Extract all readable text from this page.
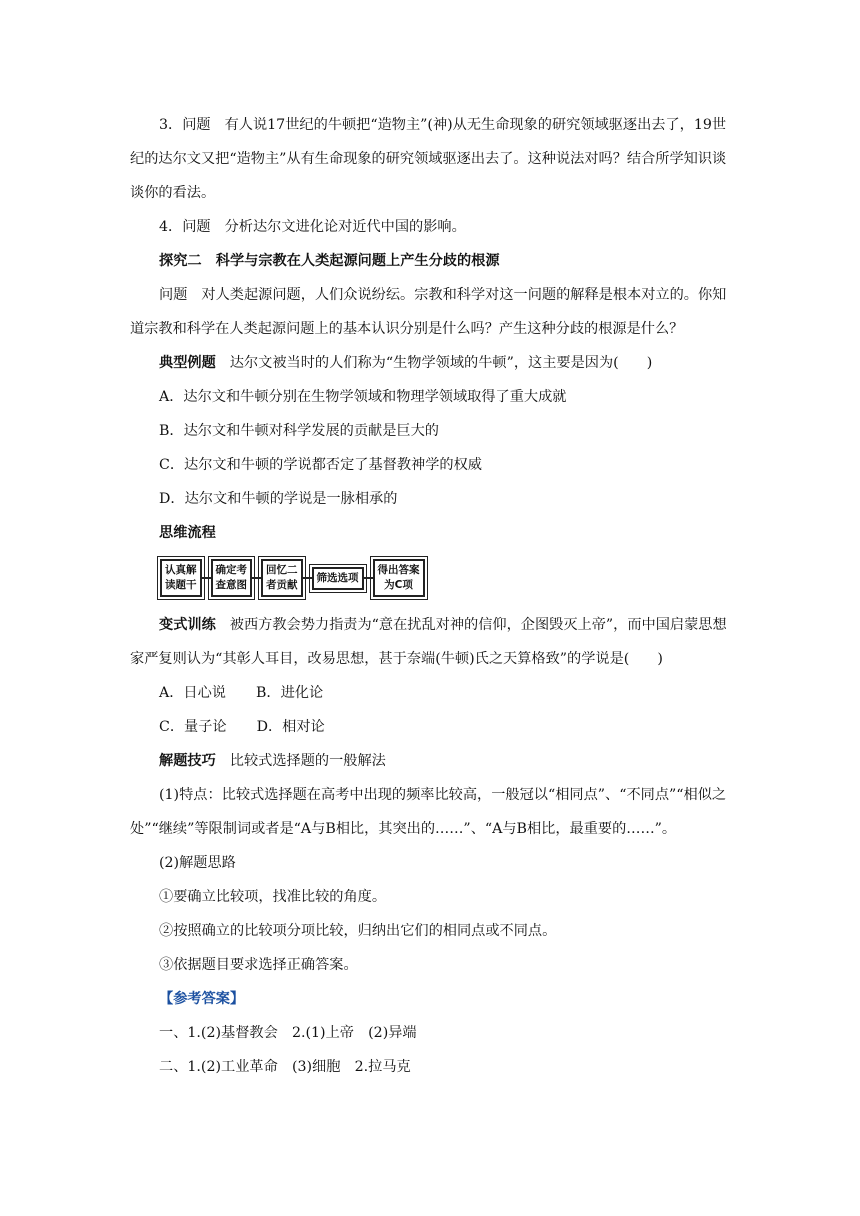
3．问题 有人说17世纪的牛顿把“造物主”(神)从无生命现象的研究领域驱逐出去了，19世纪的达尔文又把“造物主”从有生命现象的研究领域驱逐出去了。这种说法对吗？结合所学知识谈谈你的看法。

4．问题 分析达尔文进化论对近代中国的影响。

探究二　科学与宗教在人类起源问题上产生分歧的根源

问题 对人类起源问题，人们众说纷纭。宗教和科学对这一问题的解释是根本对立的。你知道宗教和科学在人类起源问题上的基本认识分别是什么吗？产生这种分歧的根源是什么？

典型例题 达尔文被当时的人们称为“生物学领域的牛顿”，这主要是因为( )

A．达尔文和牛顿分别在生物学领域和物理学领域取得了重大成就

B．达尔文和牛顿对科学发展的贡献是巨大的

C．达尔文和牛顿的学说都否定了基督教神学的权威

D．达尔文和牛顿的学说是一脉相承的

思维流程

认真解
读题干
确定考
查意图
回忆二
者贡献
筛选选项
得出答案
为C项

变式训练 被西方教会势力指责为“意在扰乱对神的信仰，企图毁灭上帝”，而中国启蒙思想家严复则认为“其彰人耳目，改易思想，甚于奈端(牛顿)氏之天算格致”的学说是( )

A．日心说 B．进化论

C．量子论 D．相对论

解题技巧 比较式选择题的一般解法

(1)特点：比较式选择题在高考中出现的频率比较高，一般冠以“相同点”、“不同点”“相似之处”“继续”等限制词或者是“A与B相比，其突出的……”、“A与B相比，最重要的……”。

(2)解题思路

①要确立比较项，找准比较的角度。

②按照确立的比较项分项比较，归纳出它们的相同点或不同点。

③依据题目要求选择正确答案。

【参考答案】

一、1.(2)基督教会　2.(1)上帝　(2)异端

二、1.(2)工业革命　(3)细胞　2.拉马克
